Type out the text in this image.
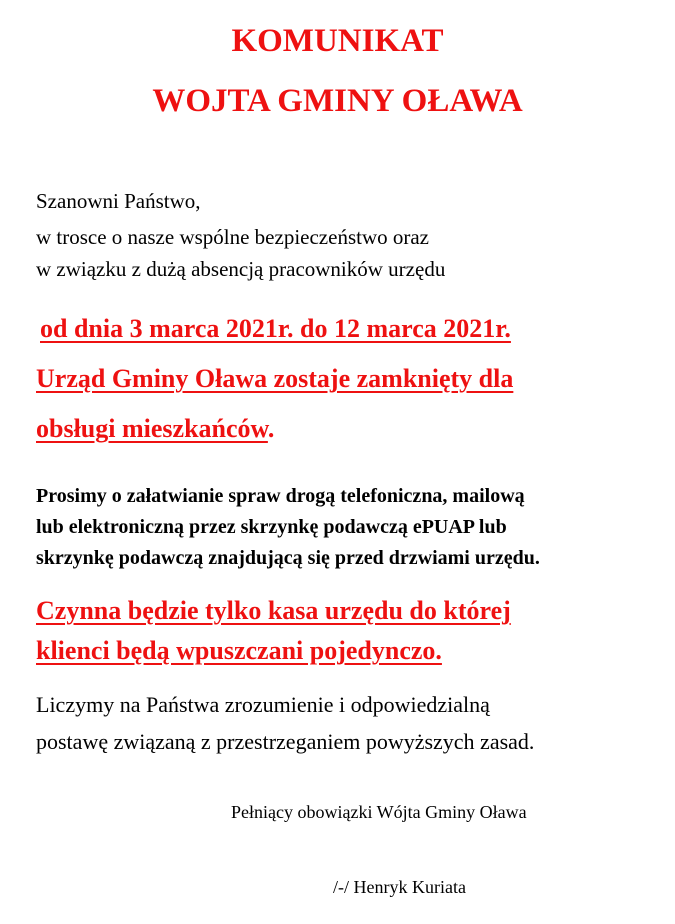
KOMUNIKAT
WOJTA GMINY OŁAWA

Szanowni Państwo,

w trosce o nasze wspólne bezpieczeństwo oraz

w związku z dużą absencją pracowników urzędu

od dnia 3 marca 2021r. do 12 marca 2021r.

Urząd Gminy Oława zostaje zamknięty dla

obsługi mieszkańców.

Prosimy o załatwianie spraw drogą telefoniczna, mailową

lub elektroniczną przez skrzynkę podawczą ePUAP lub

skrzynkę podawczą znajdującą się przed drzwiami urzędu.

Czynna będzie tylko kasa urzędu do której

klienci będą wpuszczani pojedynczo.

Liczymy na Państwa zrozumienie i odpowiedzialną

postawę związaną z przestrzeganiem powyższych zasad.

Pełniący obowiązki Wójta Gminy Oława

/-/ Henryk Kuriata
